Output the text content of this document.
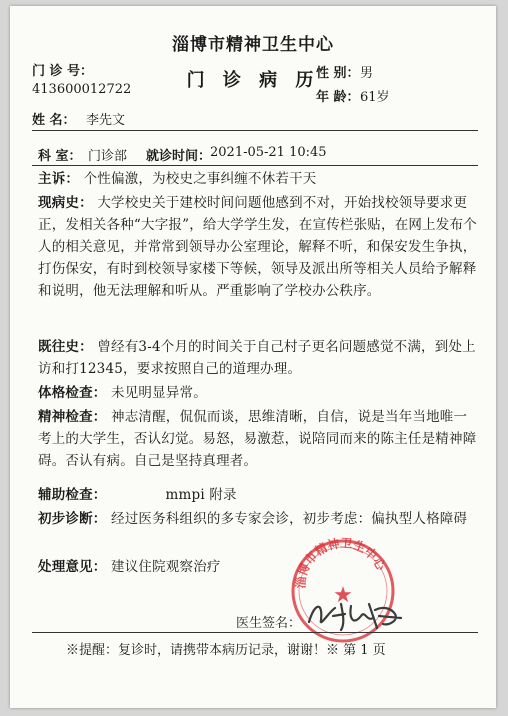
淄博市精神卫生中心
门 诊 号：
413600012722	门 诊 病 历
性 别： 男
年 龄： 61岁
姓 名： 李先文
科 室： 门诊部 就诊时间：
2021-05-21 10:45
主诉： 个性偏激，为校史之事纠缠不休若干天
现病史： 大学校史关于建校时间问题他感到不对，开始找校领导要求更正，发相关各种“大字报”，给大学学生发，在宣传栏张贴，在网上发布个人的相关意见，并常常到领导办公室理论，解释不听，和保安发生争执，打伤保安，有时到校领导家楼下等候，领导及派出所等相关人员给予解释和说明，他无法理解和听从。严重影响了学校办公秩序。
既往史： 曾经有3-4个月的时间关于自己村子更名问题感觉不满，到处上访和打12345，要求按照自己的道理办理。
体格检查： 未见明显异常。
精神检查： 神志清醒，侃侃而谈，思维清晰，自信，说是当年当地唯一考上的大学生，否认幻觉。易怒，易激惹，说陪同而来的陈主任是精神障碍。否认有病。自己是坚持真理者。
辅助检查：	mmpi 附录
初步诊断： 经过医务科组织的多专家会诊，初步考虑：偏执型人格障碍
处理意见： 建议住院观察治疗
淄博市精神卫生中心
★
医生签名：
※提醒：复诊时，请携带本病历记录，谢谢！※ 第 1 页
